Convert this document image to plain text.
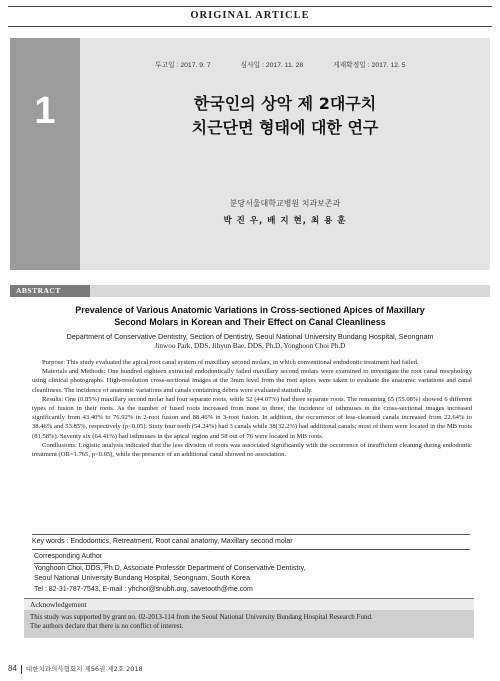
ORIGINAL ARTICLE
1
투고일 : 2017. 9. 7	심사일 : 2017. 11. 28	게재확정일 : 2017. 12. 5
한국인의 상악 제 2대구치
치근단면 형태에 대한 연구
분당서울대학교병원 치과보존과
박 진 우, 배 지 현, 최 용 훈
ABSTRACT
Prevalence of Various Anatomic Variations in Cross-sectioned Apices of Maxillary
Second Molars in Korean and Their Effect on Canal Cleanliness
Department of Conservative Dentistry, Section of Dentistry, Seoul National University Bundang Hospital, Seongnam
Jinwoo Park, DDS, Jihyun Bae, DDS, Ph.D, Yonghoon Choi Ph.D

Purpose: This study evaluated the apical root canal system of maxillary second molars, in which conventional endodontic treatment had failed.

Materials and Methods: One hundred eighteen extracted endodontically failed maxillary second molars were examined to investigate the root canal morphology using clinical photographs. High-resolution cross-sectional images at the 3mm level from the root apices were taken to evaluate the anatomic variations and canal cleanliness. The incidence of anatomic variations and canals containing debris were evaluated statistically.

Results: One (0.85%) maxillary second molar had four separate roots, while 52 (44.07%) had three separate roots. The remaining 65 (55.08%) showed 6 different types of fusion in their roots. As the number of fused roots increased from none to three, the incidence of isthmuses in the cross-sectional images increased significantly from 43.40% to 76.92% in 2-root fusion and 88.46% in 3-root fusion. In addition, the occurrence of less-cleansed canals increased from 22.64% to 38.46% and 53.85%, respectively (p<0.05). Sixty four teeth (54.24%) had 3 canals while 38(32.2%) had additional canals; most of them were located in the MB roots (81.58%). Seventy six (64.41%) had isthmuses in the apical region and 58 out of 76 were located in MB roots.

Condlusions: Logistic analysis indicated that the less division of roots was associated significantly with the occurrence of insufficient cleaning during endodontic treatment (OR=1.765, p<0.05), while the presence of an additional canal showed no association.

Key words : Endodontics, Retreatment, Root canal anatomy, Maxillary second molar
Corresponding Author
Yonghoon Choi, DDS, Ph.D, Associate Professor Department of Conservative Dentistry,
Seoul National University Bundang Hospital, Seongnam, South Korea
Tel : 82-31-787-7543, E-mail : yhchoi@snubh.org, savetooth@me.com
Acknowledgement
This study was supported by grant no. 02-2013-114 from the Seoul National University Bundang Hospital Research Fund.
The authors declare that there is no conflict of interest.
84 대한치과의사협회지 제56권 제2호 2018
